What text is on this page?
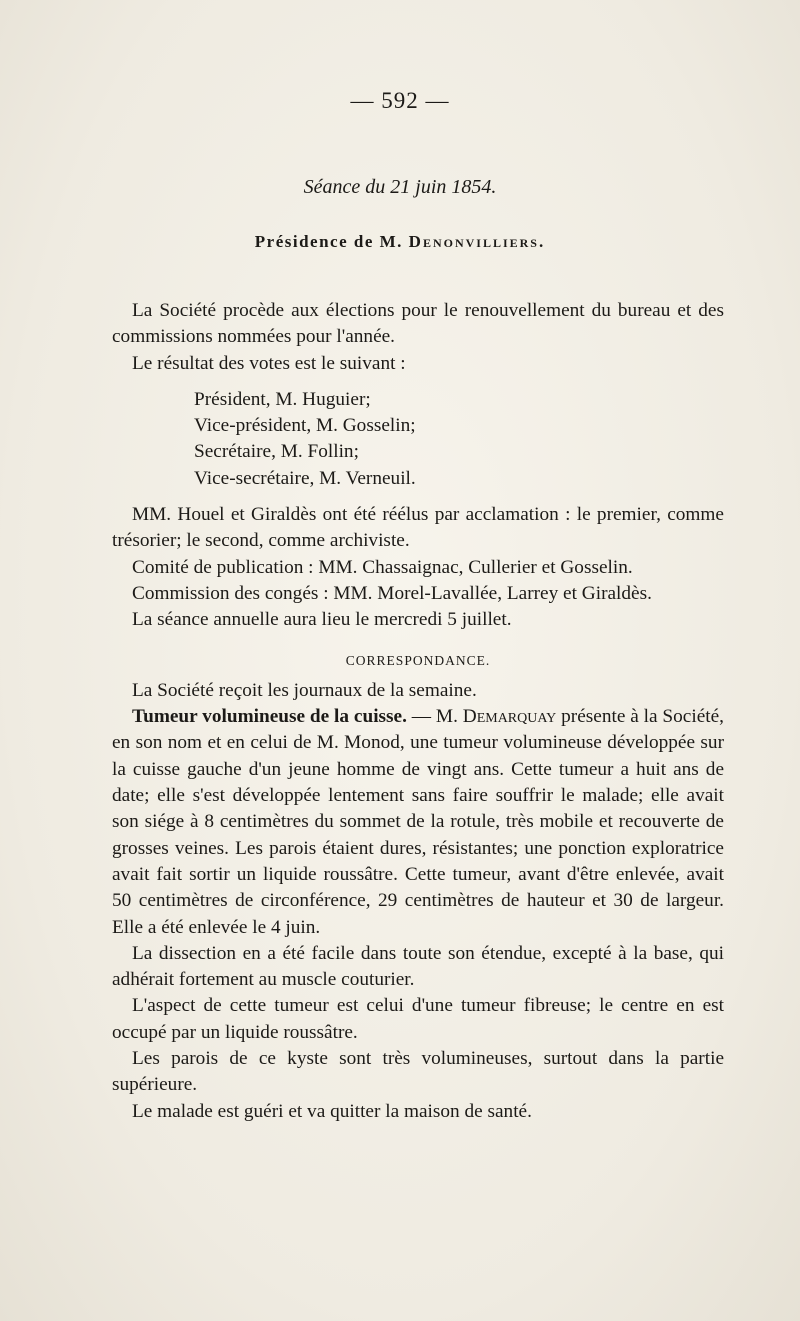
— 592 —
Séance du 21 juin 1854.
Présidence de M. Denonvilliers.

La Société procède aux élections pour le renouvellement du bureau et des commissions nommées pour l'année.

Le résultat des votes est le suivant :

Président, M. Huguier;
Vice-président, M. Gosselin;
Secrétaire, M. Follin;
Vice-secrétaire, M. Verneuil.

MM. Houel et Giraldès ont été réélus par acclamation : le premier, comme trésorier; le second, comme archiviste.

Comité de publication : MM. Chassaignac, Cullerier et Gosselin.

Commission des congés : MM. Morel-Lavallée, Larrey et Giraldès.

La séance annuelle aura lieu le mercredi 5 juillet.

CORRESPONDANCE.

La Société reçoit les journaux de la semaine.

Tumeur volumineuse de la cuisse. — M. Demarquay présente à la Société, en son nom et en celui de M. Monod, une tumeur volumineuse développée sur la cuisse gauche d'un jeune homme de vingt ans. Cette tumeur a huit ans de date; elle s'est développée lentement sans faire souffrir le malade; elle avait son siége à 8 centimètres du sommet de la rotule, très mobile et recouverte de grosses veines. Les parois étaient dures, résistantes; une ponction exploratrice avait fait sortir un liquide roussâtre. Cette tumeur, avant d'être enlevée, avait 50 centimètres de circonférence, 29 centimètres de hauteur et 30 de largeur. Elle a été enlevée le 4 juin.

La dissection en a été facile dans toute son étendue, excepté à la base, qui adhérait fortement au muscle couturier.

L'aspect de cette tumeur est celui d'une tumeur fibreuse; le centre en est occupé par un liquide roussâtre.

Les parois de ce kyste sont très volumineuses, surtout dans la partie supérieure.

Le malade est guéri et va quitter la maison de santé.
